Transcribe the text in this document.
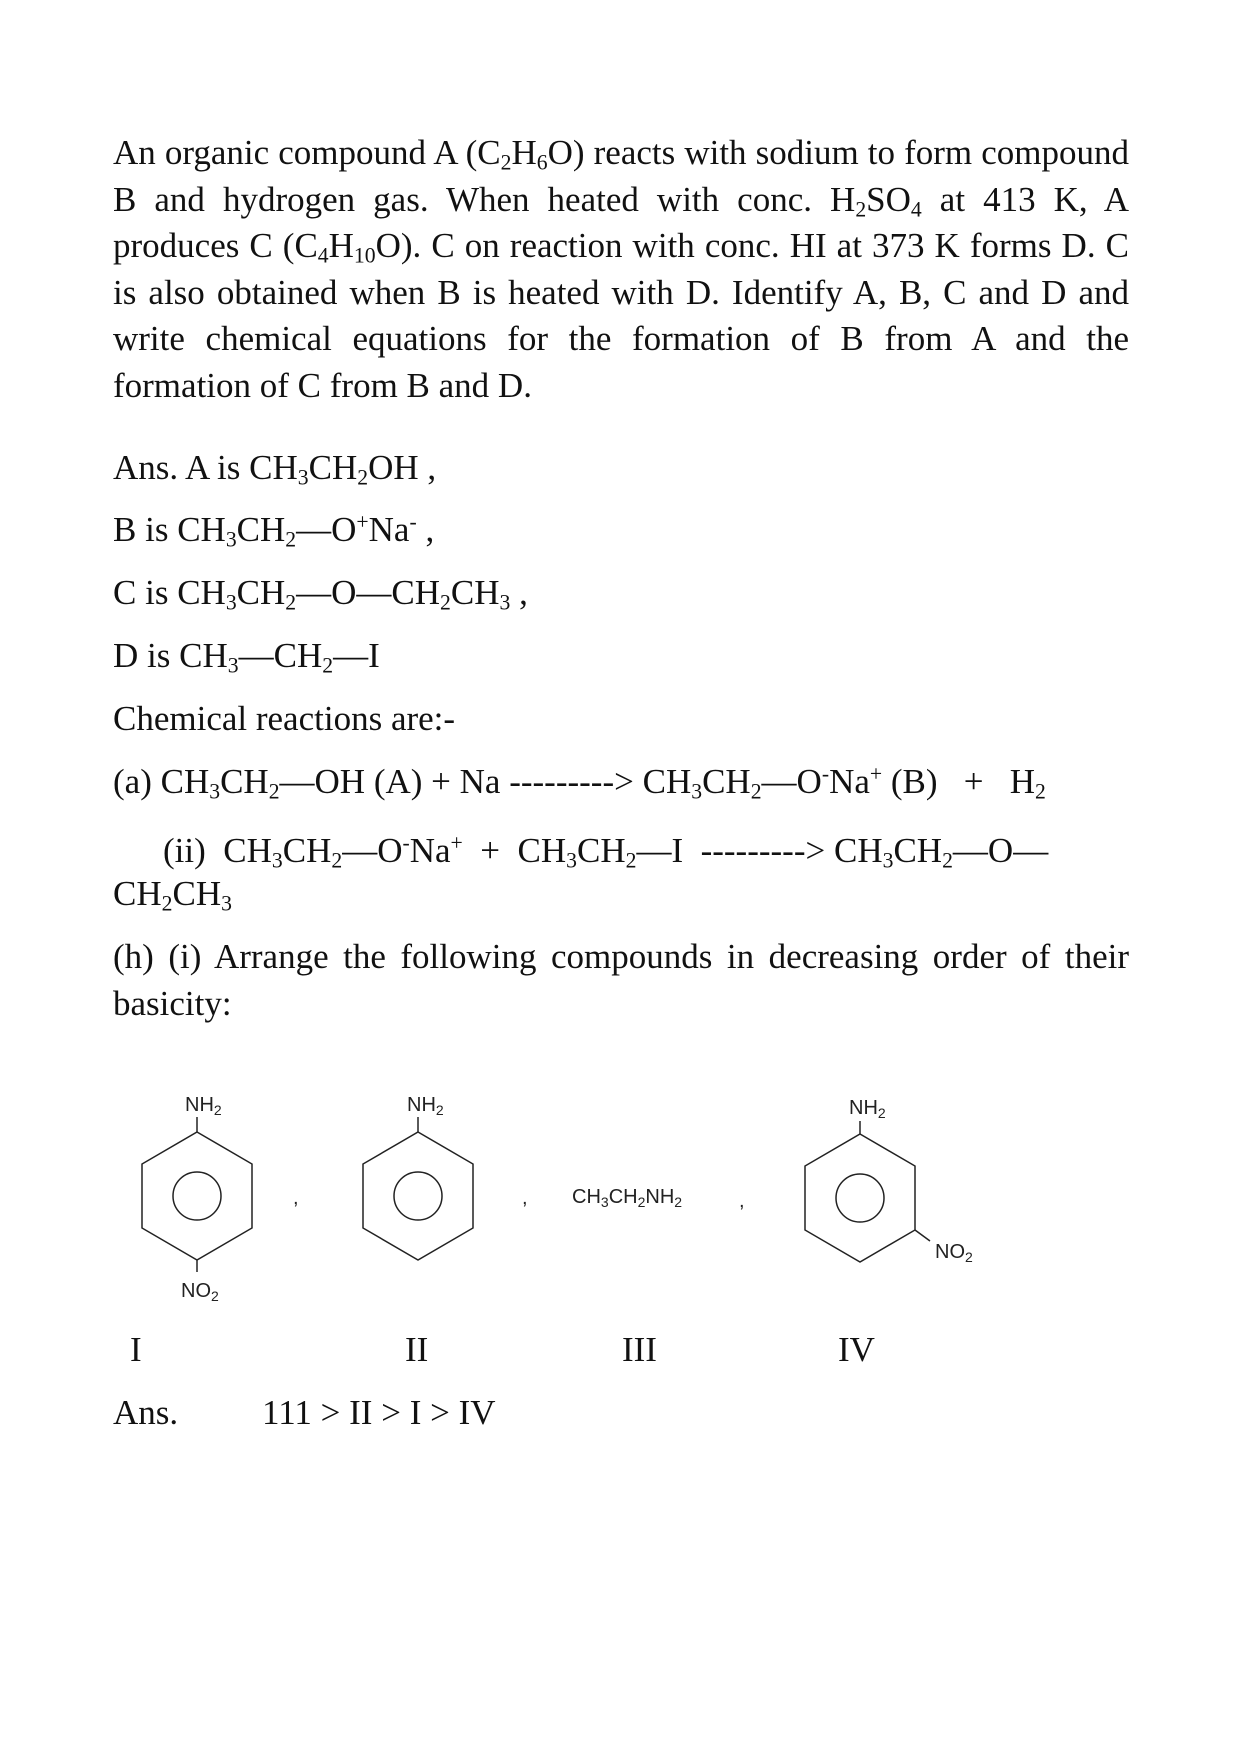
An organic compound A $(C_2H_6O)$ reacts with sodium to form compound B and hydrogen gas. When heated with conc. $H_2SO_4$ at 413 K, A produces C $(C_4H_{10}O)$. C on reaction with conc. HI at 373 K forms D. C is also obtained when B is heated with D. Identify A, B, C and D and write chemical equations for the formation of B from A and the formation of C from B and D.

Ans. A is $CH_3CH_2OH$ ,

B is $CH_3CH_2—O^+Na^-$ ,

C is $CH_3CH_2—O—CH_2CH_3$ ,

D is $CH_3—CH_2—I$

Chemical reactions are:-

(a) $CH_3CH_2—OH$ (A) + Na ---------> $CH_3CH_2—O^-Na^+$ $(B) + H_2$

(ii)  $CH_3CH_2—O^-Na^+$  +  $CH_3CH_2—I$  ---------> $CH_3CH_2—O—$

$CH_2CH_3$

(h) (i) Arrange the following compounds in decreasing order of their basicity:

$NH_2$
$NO_2$
,
$NH_2$
, $CH_3CH_2NH_2$	,
$NH_2$
$NO_2$
I	II	III	IV

Ans. 111 > II > I > IV
